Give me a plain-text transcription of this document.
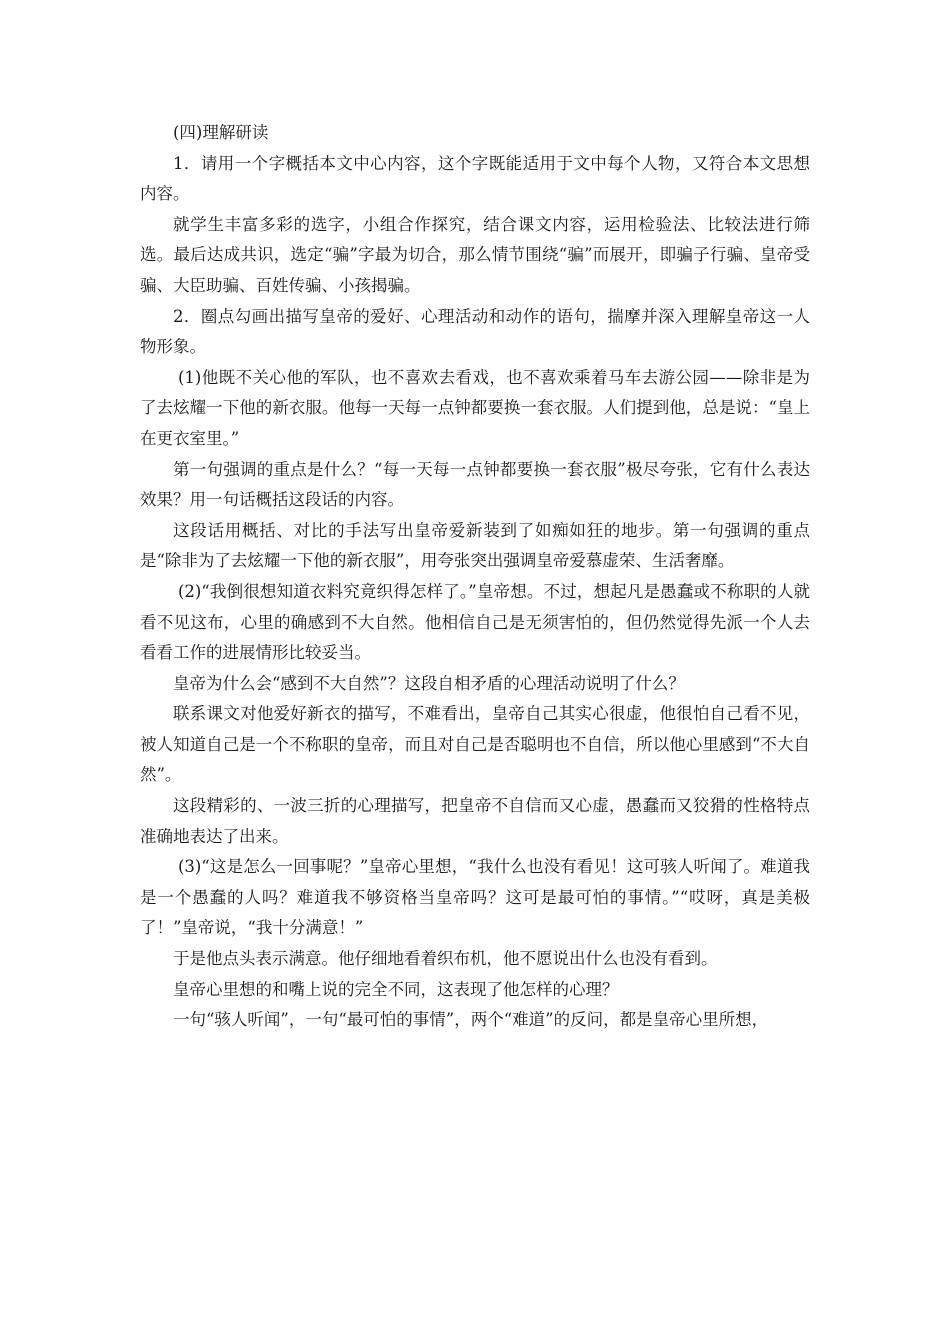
(四)理解研读

1．请用一个字概括本文中心内容，这个字既能适用于文中每个人物，又符合本文思想内容。

就学生丰富多彩的选字，小组合作探究，结合课文内容，运用检验法、比较法进行筛选。最后达成共识，选定“骗”字最为切合，那么情节围绕“骗”而展开，即骗子行骗、皇帝受骗、大臣助骗、百姓传骗、小孩揭骗。

2．圈点勾画出描写皇帝的爱好、心理活动和动作的语句，揣摩并深入理解皇帝这一人物形象。

(1)他既不关心他的军队，也不喜欢去看戏，也不喜欢乘着马车去游公园——除非是为了去炫耀一下他的新衣服。他每一天每一点钟都要换一套衣服。人们提到他，总是说：“皇上在更衣室里。”

第一句强调的重点是什么？“每一天每一点钟都要换一套衣服”极尽夸张，它有什么表达效果？用一句话概括这段话的内容。

这段话用概括、对比的手法写出皇帝爱新装到了如痴如狂的地步。第一句强调的重点是“除非为了去炫耀一下他的新衣服”，用夸张突出强调皇帝爱慕虚荣、生活奢靡。

(2)“我倒很想知道衣料究竟织得怎样了。”皇帝想。不过，想起凡是愚蠢或不称职的人就看不见这布，心里的确感到不大自然。他相信自己是无须害怕的，但仍然觉得先派一个人去看看工作的进展情形比较妥当。

皇帝为什么会“感到不大自然”？这段自相矛盾的心理活动说明了什么？

联系课文对他爱好新衣的描写，不难看出，皇帝自己其实心很虚，他很怕自己看不见，被人知道自己是一个不称职的皇帝，而且对自己是否聪明也不自信，所以他心里感到“不大自然”。

这段精彩的、一波三折的心理描写，把皇帝不自信而又心虚，愚蠢而又狡猾的性格特点准确地表达了出来。

(3)“这是怎么一回事呢？”皇帝心里想，“我什么也没有看见！这可骇人听闻了。难道我是一个愚蠢的人吗？难道我不够资格当皇帝吗？这可是最可怕的事情。”“哎呀，真是美极了！”皇帝说，“我十分满意！”

于是他点头表示满意。他仔细地看着织布机，他不愿说出什么也没有看到。

皇帝心里想的和嘴上说的完全不同，这表现了他怎样的心理？

一句“骇人听闻”，一句“最可怕的事情”，两个“难道”的反问，都是皇帝心里所想，
